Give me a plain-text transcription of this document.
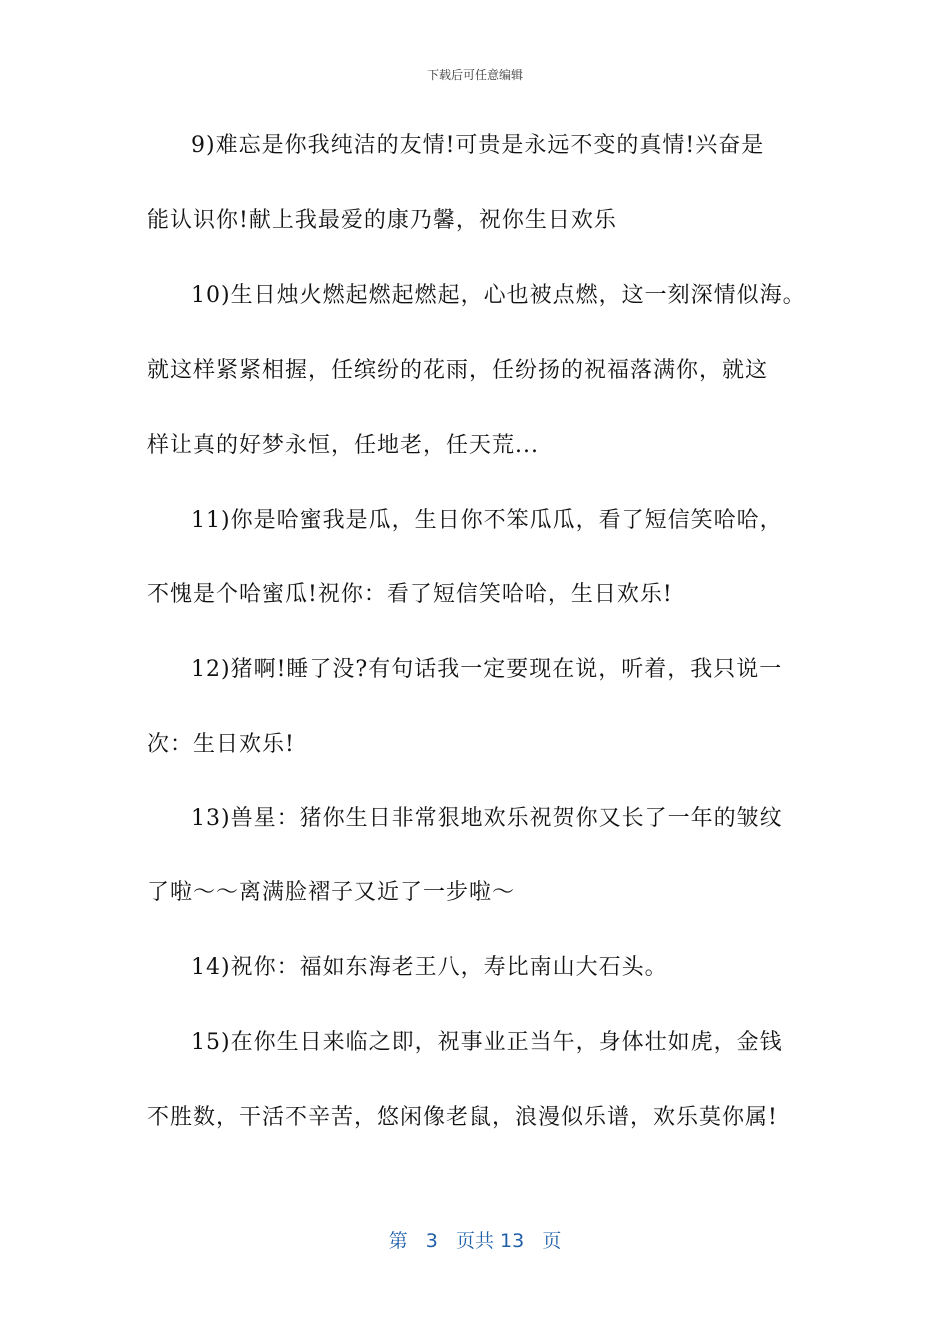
下载后可任意编辑
9)难忘是你我纯洁的友情!可贵是永远不变的真情!兴奋是
能认识你!献上我最爱的康乃馨，祝你生日欢乐
10)生日烛火燃起燃起燃起，心也被点燃，这一刻深情似海。
就这样紧紧相握，任缤纷的花雨，任纷扬的祝福落满你，就这
样让真的好梦永恒，任地老，任天荒...
11)你是哈蜜我是瓜，生日你不笨瓜瓜，看了短信笑哈哈，
不愧是个哈蜜瓜!祝你：看了短信笑哈哈，生日欢乐!
12)猪啊!睡了没?有句话我一定要现在说，听着，我只说一
次：生日欢乐!
13)兽星：猪你生日非常狠地欢乐祝贺你又长了一年的皱纹
了啦～～离满脸褶子又近了一步啦～
14)祝你：福如东海老王八，寿比南山大石头。
15)在你生日来临之即，祝事业正当午，身体壮如虎，金钱
不胜数，干活不辛苦，悠闲像老鼠，浪漫似乐谱，欢乐莫你属!
第 3 页共 13 页
